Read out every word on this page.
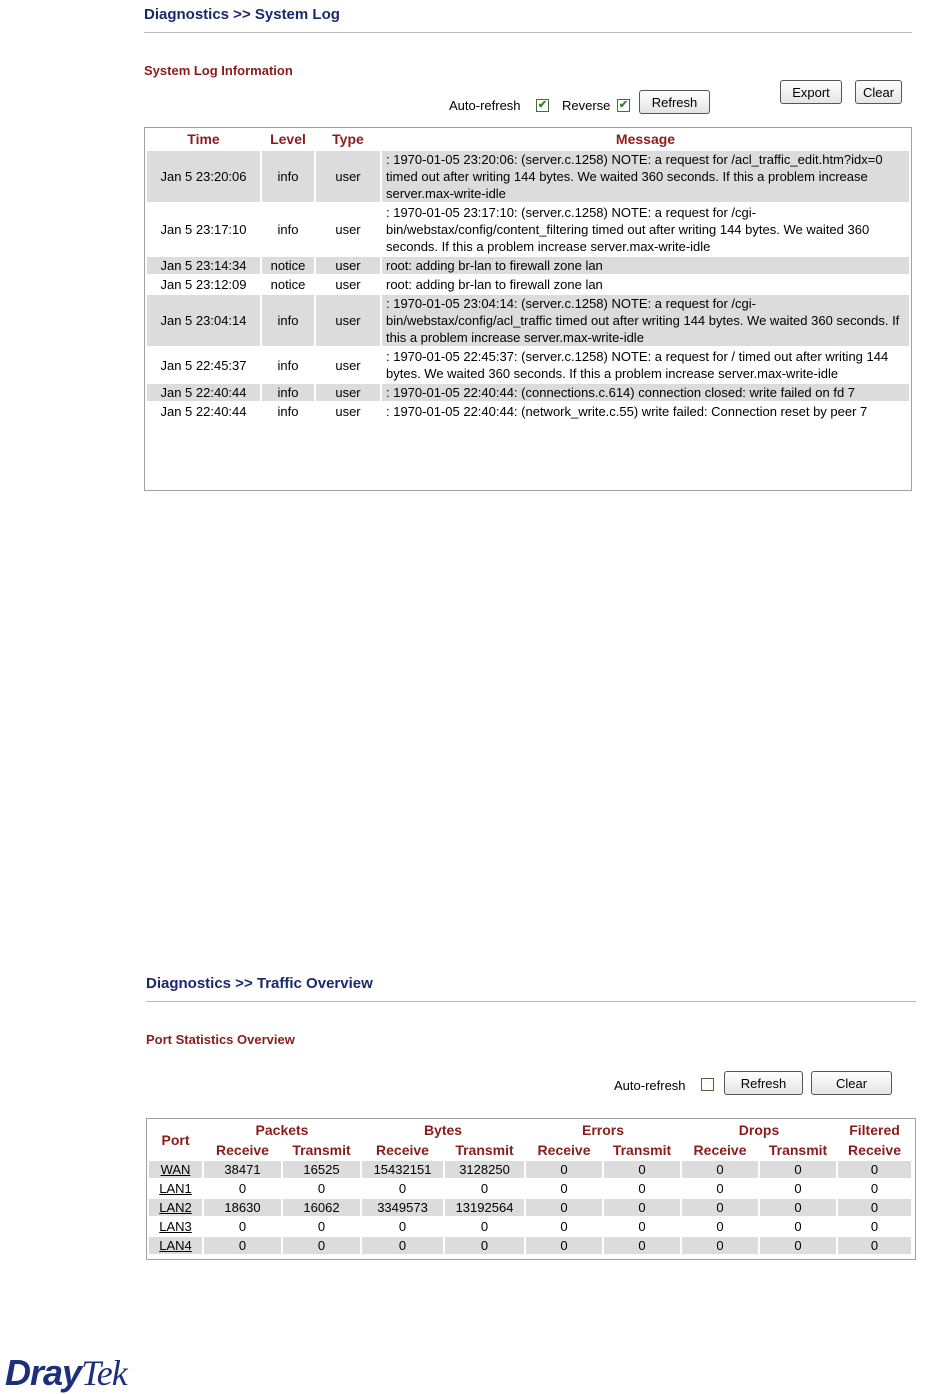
Diagnostics >> System Log
System Log Information
Auto-refresh ✔ Reverse ✔	Refresh
Export	Clear
Time	Level	Type	Message
Jan 5 23:20:06	info	user	: 1970-01-05 23:20:06: (server.c.1258) NOTE: a request for /acl_traffic_edit.htm?idx=0 timed out after writing 144 bytes. We waited 360 seconds. If this a problem increase server.max-write-idle
Jan 5 23:17:10	info	user	: 1970-01-05 23:17:10: (server.c.1258) NOTE: a request for /cgi-bin/webstax/config/content_filtering timed out after writing 144 bytes. We waited 360 seconds. If this a problem increase server.max-write-idle
Jan 5 23:14:34	notice	user	root: adding br-lan to firewall zone lan
Jan 5 23:12:09	notice	user	root: adding br-lan to firewall zone lan
Jan 5 23:04:14	info	user	: 1970-01-05 23:04:14: (server.c.1258) NOTE: a request for /cgi-bin/webstax/config/acl_traffic timed out after writing 144 bytes. We waited 360 seconds. If this a problem increase server.max-write-idle
Jan 5 22:45:37	info	user	: 1970-01-05 22:45:37: (server.c.1258) NOTE: a request for / timed out after writing 144 bytes. We waited 360 seconds. If this a problem increase server.max-write-idle
Jan 5 22:40:44	info	user	: 1970-01-05 22:40:44: (connections.c.614) connection closed: write failed on fd 7
Jan 5 22:40:44	info	user	: 1970-01-05 22:40:44: (network_write.c.55) write failed: Connection reset by peer 7
Diagnostics >> Traffic Overview
Port Statistics Overview
Auto-refresh	Refresh	Clear
Port	Packets		Bytes		Errors		Drops		Filtered
	Receive	Transmit	Receive	Transmit	Receive	Transmit	Receive	Transmit	Receive
WAN	38471	16525	15432151	3128250	0	0	0	0	0
LAN1	0	0	0	0	0	0	0	0	0
LAN2	18630	16062	3349573	13192564	0	0	0	0	0
LAN3	0	0	0	0	0	0	0	0	0
LAN4	0	0	0	0	0	0	0	0	0
DrayTek
